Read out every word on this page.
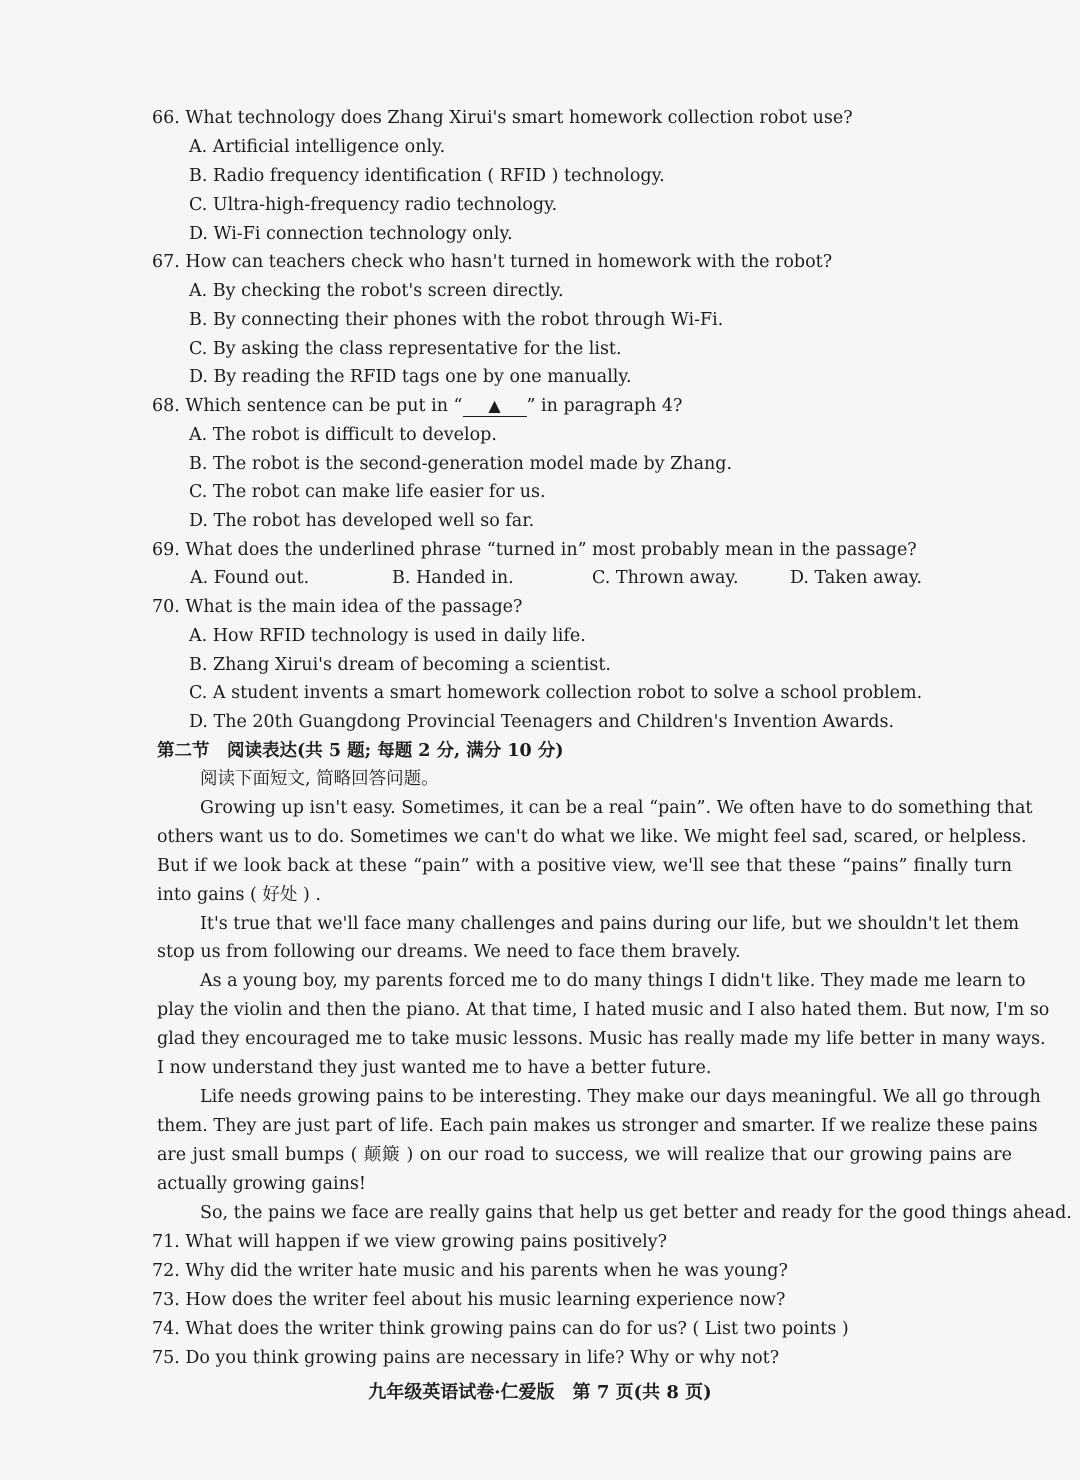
66. What technology does Zhang Xirui's smart homework collection robot use?
A. Artificial intelligence only.
B. Radio frequency identification ( RFID ) technology.
C. Ultra-high-frequency radio technology.
D. Wi-Fi connection technology only.
67. How can teachers check who hasn't turned in homework with the robot?
A. By checking the robot's screen directly.
B. By connecting their phones with the robot through Wi-Fi.
C. By asking the class representative for the list.
D. By reading the RFID tags one by one manually.
68. Which sentence can be put in “ ▲ ” in paragraph 4?
A. The robot is difficult to develop.
B. The robot is the second-generation model made by Zhang.
C. The robot can make life easier for us.
D. The robot has developed well so far.
69. What does the underlined phrase “turned in” most probably mean in the passage?
A. Found out.	B. Handed in.	C. Thrown away.	D. Taken away.
70. What is the main idea of the passage?
A. How RFID technology is used in daily life.
B. Zhang Xirui's dream of becoming a scientist.
C. A student invents a smart homework collection robot to solve a school problem.
D. The 20th Guangdong Provincial Teenagers and Children's Invention Awards.
第二节　阅读表达(共 5 题; 每题 2 分, 满分 10 分)
阅读下面短文, 简略回答问题。
Growing up isn't easy. Sometimes, it can be a real “pain”. We often have to do something that
others want us to do. Sometimes we can't do what we like. We might feel sad, scared, or helpless.
But if we look back at these “pain” with a positive view, we'll see that these “pains” finally turn
into gains ( 好处 ) .
It's true that we'll face many challenges and pains during our life, but we shouldn't let them
stop us from following our dreams. We need to face them bravely.
As a young boy, my parents forced me to do many things I didn't like. They made me learn to
play the violin and then the piano. At that time, I hated music and I also hated them. But now, I'm so
glad they encouraged me to take music lessons. Music has really made my life better in many ways.
I now understand they just wanted me to have a better future.
Life needs growing pains to be interesting. They make our days meaningful. We all go through
them. They are just part of life. Each pain makes us stronger and smarter. If we realize these pains
are just small bumps ( 颠簸 ) on our road to success, we will realize that our growing pains are
actually growing gains!
So, the pains we face are really gains that help us get better and ready for the good things ahead.
71. What will happen if we view growing pains positively?
72. Why did the writer hate music and his parents when he was young?
73. How does the writer feel about his music learning experience now?
74. What does the writer think growing pains can do for us? ( List two points )
75. Do you think growing pains are necessary in life? Why or why not?
九年级英语试卷·仁爱版　第 7 页(共 8 页)
